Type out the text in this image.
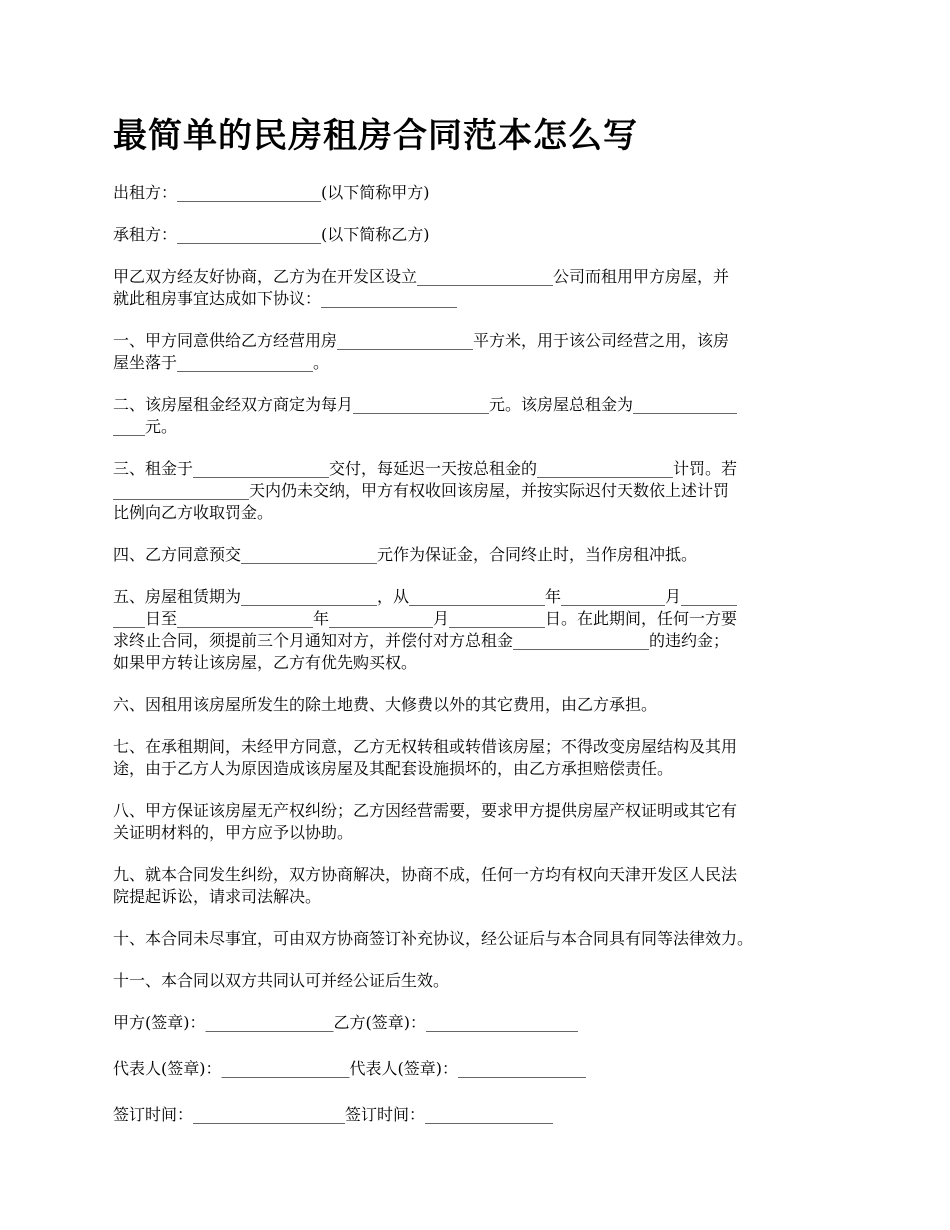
最简单的民房租房合同范本怎么写

出租方：__________________(以下简称甲方)

承租方：__________________(以下简称乙方)

甲乙双方经友好协商，乙方为在开发区设立_________________公司而租用甲方房屋，并
就此租房事宜达成如下协议：_________________

一、甲方同意供给乙方经营用房_________________平方米，用于该公司经营之用，该房
屋坐落于_________________。

二、该房屋租金经双方商定为每月_________________元。该房屋总租金为_____________
____元。

三、租金于_________________交付，每延迟一天按总租金的_________________计罚。若
_________________天内仍未交纳，甲方有权收回该房屋，并按实际迟付天数依上述计罚
比例向乙方收取罚金。

四、乙方同意预交_________________元作为保证金，合同终止时，当作房租冲抵。

五、房屋租赁期为_________________，从_________________年_____________月_______
____日至_________________年_____________月____________日。在此期间，任何一方要
求终止合同，须提前三个月通知对方，并偿付对方总租金_________________的违约金；
如果甲方转让该房屋，乙方有优先购买权。

六、因租用该房屋所发生的除土地费、大修费以外的其它费用，由乙方承担。

七、在承租期间，未经甲方同意，乙方无权转租或转借该房屋；不得改变房屋结构及其用
途，由于乙方人为原因造成该房屋及其配套设施损坏的，由乙方承担赔偿责任。

八、甲方保证该房屋无产权纠纷；乙方因经营需要，要求甲方提供房屋产权证明或其它有
关证明材料的，甲方应予以协助。

九、就本合同发生纠纷，双方协商解决，协商不成，任何一方均有权向天津开发区人民法
院提起诉讼，请求司法解决。

十、本合同未尽事宜，可由双方协商签订补充协议，经公证后与本合同具有同等法律效力。

十一、本合同以双方共同认可并经公证后生效。

甲方(签章)：________________乙方(签章)：___________________
代表人(签章)：________________代表人(签章)：________________
签订时间：___________________签订时间：________________
